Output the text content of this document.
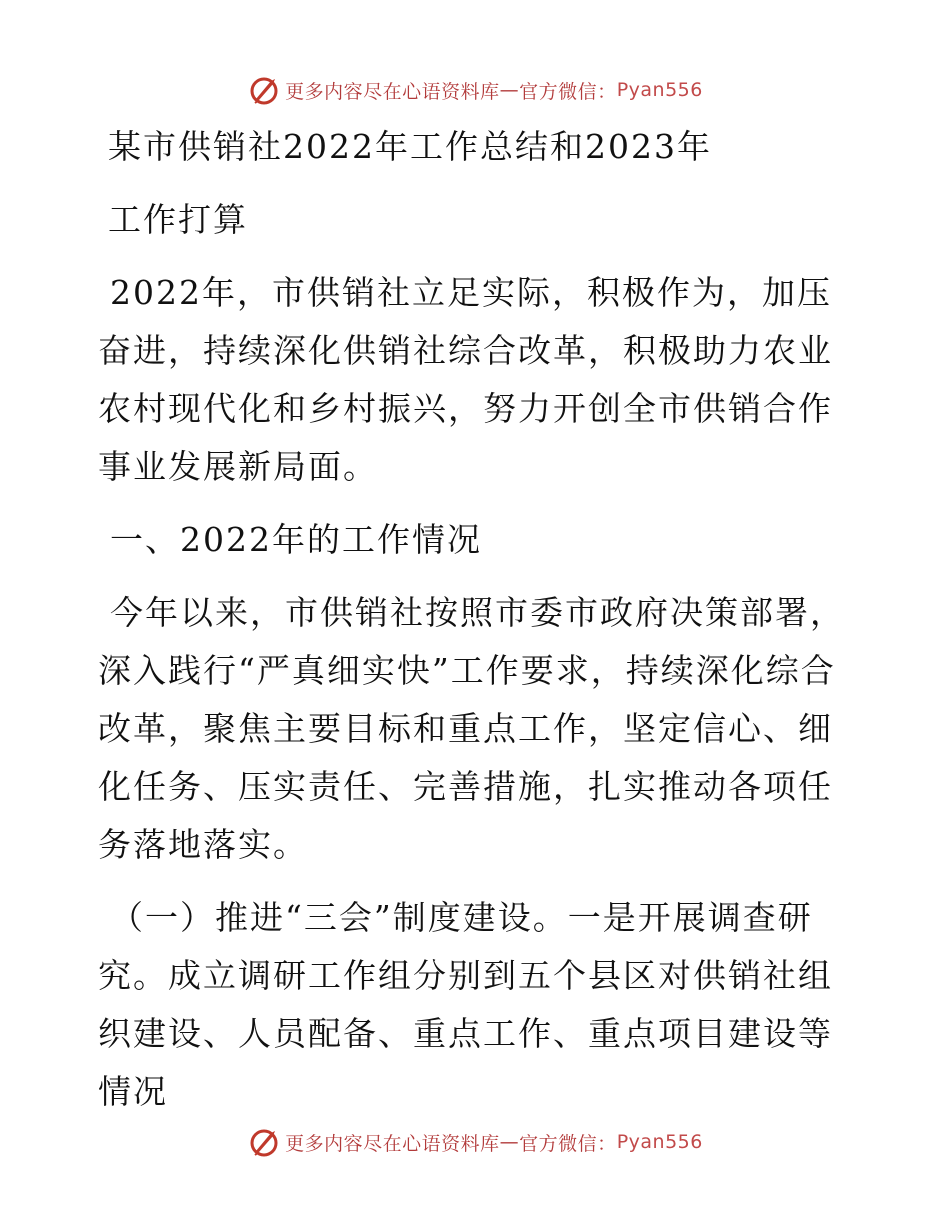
更多内容尽在心语资料库 — 官方微信： Pyan556

某市供销社2022年工作总结和2023年

工作打算

2022年，市供销社立足实际，积极作为，加压奋进，持续深化供销社综合改革，积极助力农业农村现代化和乡村振兴，努力开创全市供销合作事业发展新局面。

一、2022年的工作情况

今年以来，市供销社按照市委市政府决策部署，深入践行“严真细实快”工作要求，持续深化综合改革，聚焦主要目标和重点工作，坚定信心、细化任务、压实责任、完善措施，扎实推动各项任务落地落实。

（一）推进“三会”制度建设。一是开展调查研究。成立调研工作组分别到五个县区对供销社组织建设、人员配备、重点工作、重点项目建设等情况

更多内容尽在心语资料库 — 官方微信： Pyan556
